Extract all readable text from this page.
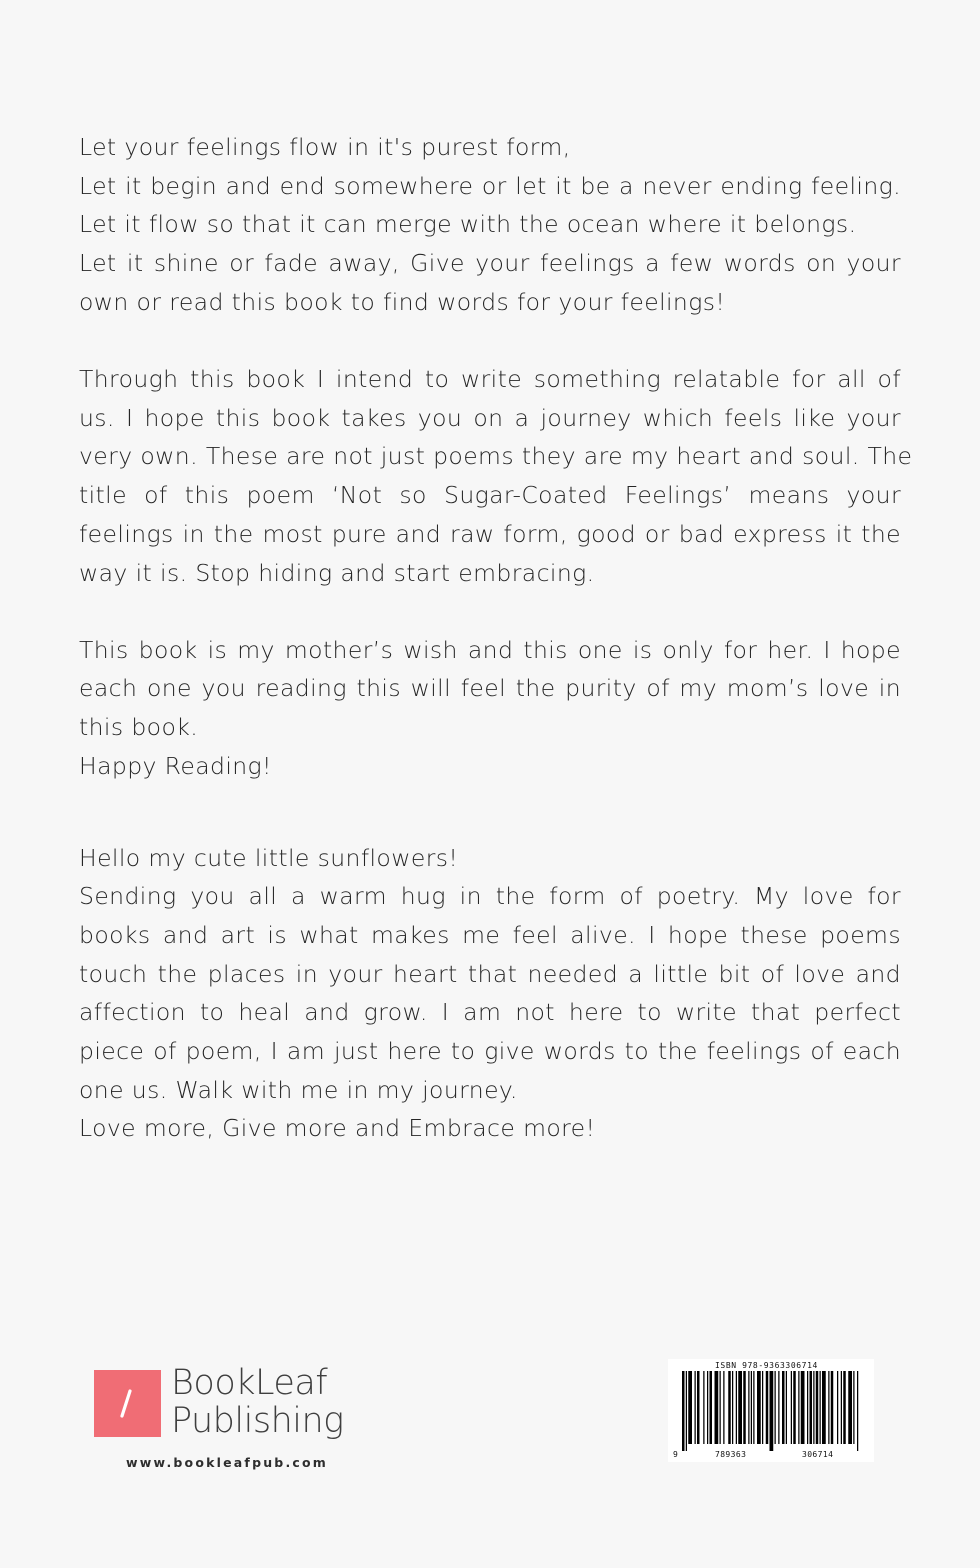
Let your feelings flow in it's purest form,
Let it begin and end somewhere or let it be a never ending feeling.
Let it flow so that it can merge with the ocean where it belongs.
Let it shine or fade away, Give your feelings a few words on your
own or read this book to find words for your feelings!

Through this book I intend to write something relatable for all of
us. I hope this book takes you on a journey which feels like your
very own. These are not just poems they are my heart and soul. The
title of this poem ‘Not so Sugar-Coated Feelings’ means your
feelings in the most pure and raw form, good or bad express it the
way it is. Stop hiding and start embracing.

This book is my mother’s wish and this one is only for her. I hope
each one you reading this will feel the purity of my mom’s love in
this book.
Happy Reading!

Hello my cute little sunflowers!
Sending you all a warm hug in the form of poetry. My love for
books and art is what makes me feel alive. I hope these poems
touch the places in your heart that needed a little bit of love and
affection to heal and grow. I am not here to write that perfect
piece of poem, I am just here to give words to the feelings of each
one us. Walk with me in my journey.
Love more, Give more and Embrace more!

BookLeaf
Publishing
www.bookleafpub.com
ISBN 978-9363306714
9	789363	306714
